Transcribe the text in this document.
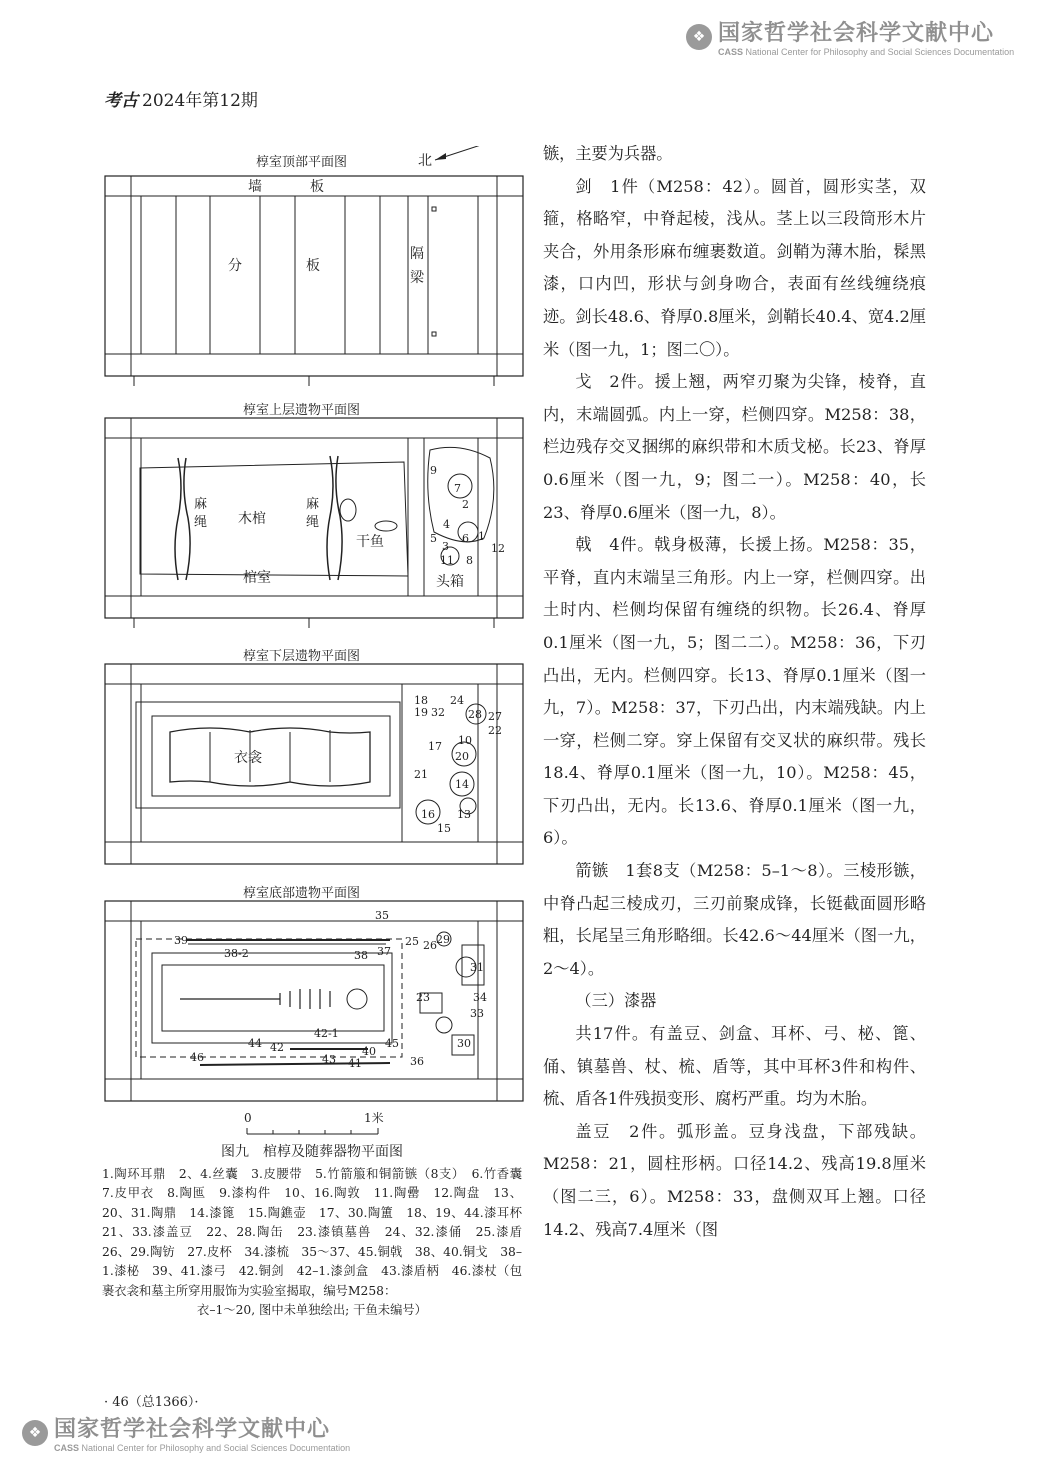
❖ 国家哲学社会科学文献中心
CASS National Center for Philosophy and Social Sciences Documentation
考古 2024年第12期
椁室顶部平面图	北
墙	板
分	板
隔
梁
椁室上层遗物平面图
麻
绳 木棺
麻
绳
干鱼
棺室	头箱
9
7
2
5
4
3
6 1
11 8
12
椁室下层遗物平面图
衣衾
18
19 32
24
28 27
22
10
17
20
21
14
16 13
15
椁室底部遗物平面图
35
39
38-2	38 37
25 26 29
31
23	34
33
30
42-1
44 42
43
40
41
45
46	36
0	1米
图九　棺椁及随葬器物平面图
1.陶环耳鼎　2、4.丝囊　3.皮腰带　5.竹箭箙和铜箭镞（8支）　6.竹香囊　7.皮甲衣　8.陶匜　9.漆构件　10、16.陶敦　11.陶罍　12.陶盘　13、20、31.陶鼎　14.漆篦　15.陶鐎壶　17、30.陶簠　18、19、44.漆耳杯　21、33.漆盖豆　22、28.陶缶　23.漆镇墓兽　24、32.漆俑　25.漆盾　26、29.陶钫　27.皮杯　34.漆梳　35～37、45.铜戟　38、40.铜戈　38–1.漆柲　39、41.漆弓　42.铜剑　42–1.漆剑盒　43.漆盾柄　46.漆杖（包裹衣衾和墓主所穿用服饰为实验室揭取，编号M258：
衣–1～20, 图中未单独绘出; 干鱼未编号）

镞，主要为兵器。

剑　1件（M258：42）。圆首，圆形实茎，双箍，格略窄，中脊起棱，浅从。茎上以三段筒形木片夹合，外用条形麻布缠裹数道。剑鞘为薄木胎，髹黑漆，口内凹，形状与剑身吻合，表面有丝线缠绕痕迹。剑长48.6、脊厚0.8厘米，剑鞘长40.4、宽4.2厘米（图一九，1；图二〇）。

戈　2件。援上翘，两窄刃聚为尖锋，棱脊，直内，末端圆弧。内上一穿，栏侧四穿。M258：38，栏边残存交叉捆绑的麻织带和木质戈柲。长23、脊厚0.6厘米（图一九，9；图二一）。M258：40，长23、脊厚0.6厘米（图一九，8）。

戟　4件。戟身极薄，长援上扬。M258：35，平脊，直内末端呈三角形。内上一穿，栏侧四穿。出土时内、栏侧均保留有缠绕的织物。长26.4、脊厚0.1厘米（图一九，5；图二二）。M258：36，下刃凸出，无内。栏侧四穿。长13、脊厚0.1厘米（图一九，7）。M258：37，下刃凸出，内末端残缺。内上一穿，栏侧二穿。穿上保留有交叉状的麻织带。残长18.4、脊厚0.1厘米（图一九，10）。M258：45，下刃凸出，无内。长13.6、脊厚0.1厘米（图一九，6）。

箭镞　1套8支（M258：5–1～8）。三棱形镞，中脊凸起三棱成刃，三刃前聚成锋，长铤截面圆形略粗，长尾呈三角形略细。长42.6～44厘米（图一九，2～4）。

（三）漆器

共17件。有盖豆、剑盒、耳杯、弓、柲、篦、俑、镇墓兽、杖、梳、盾等，其中耳杯3件和构件、梳、盾各1件残损变形、腐朽严重。均为木胎。

盖豆　2件。弧形盖。豆身浅盘，下部残缺。M258：21，圆柱形柄。口径14.2、残高19.8厘米（图二三，6）。M258：33，盘侧双耳上翘。口径14.2、残高7.4厘米（图

· 46（总1366）·
❖ 国家哲学社会科学文献中心
CASS National Center for Philosophy and Social Sciences Documentation
